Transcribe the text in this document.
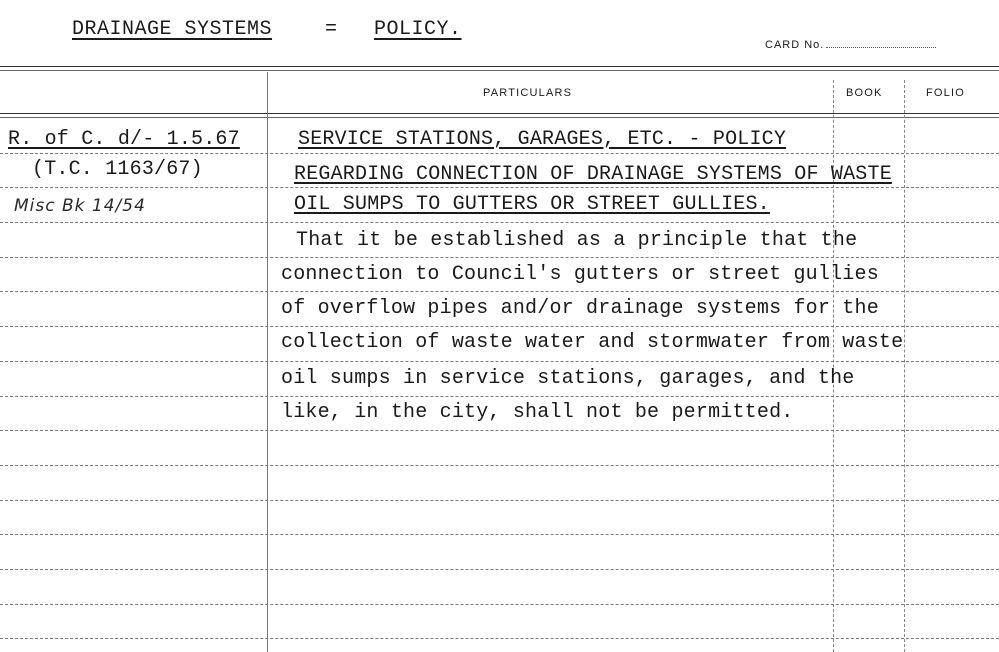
DRAINAGE SYSTEMS	= POLICY.
CARD No.
PARTICULARS	BOOK	FOLIO
R. of C. d/- 1.5.67
(T.C. 1163/67)
Misc Bk 14/54
SERVICE STATIONS, GARAGES, ETC. - POLICY
REGARDING CONNECTION OF DRAINAGE SYSTEMS OF WASTE
OIL SUMPS TO GUTTERS OR STREET GULLIES.
That it be established as a principle that the
connection to Council's gutters or street gullies
of overflow pipes and/or drainage systems for the
collection of waste water and stormwater from waste
oil sumps in service stations, garages, and the
like, in the city, shall not be permitted.
